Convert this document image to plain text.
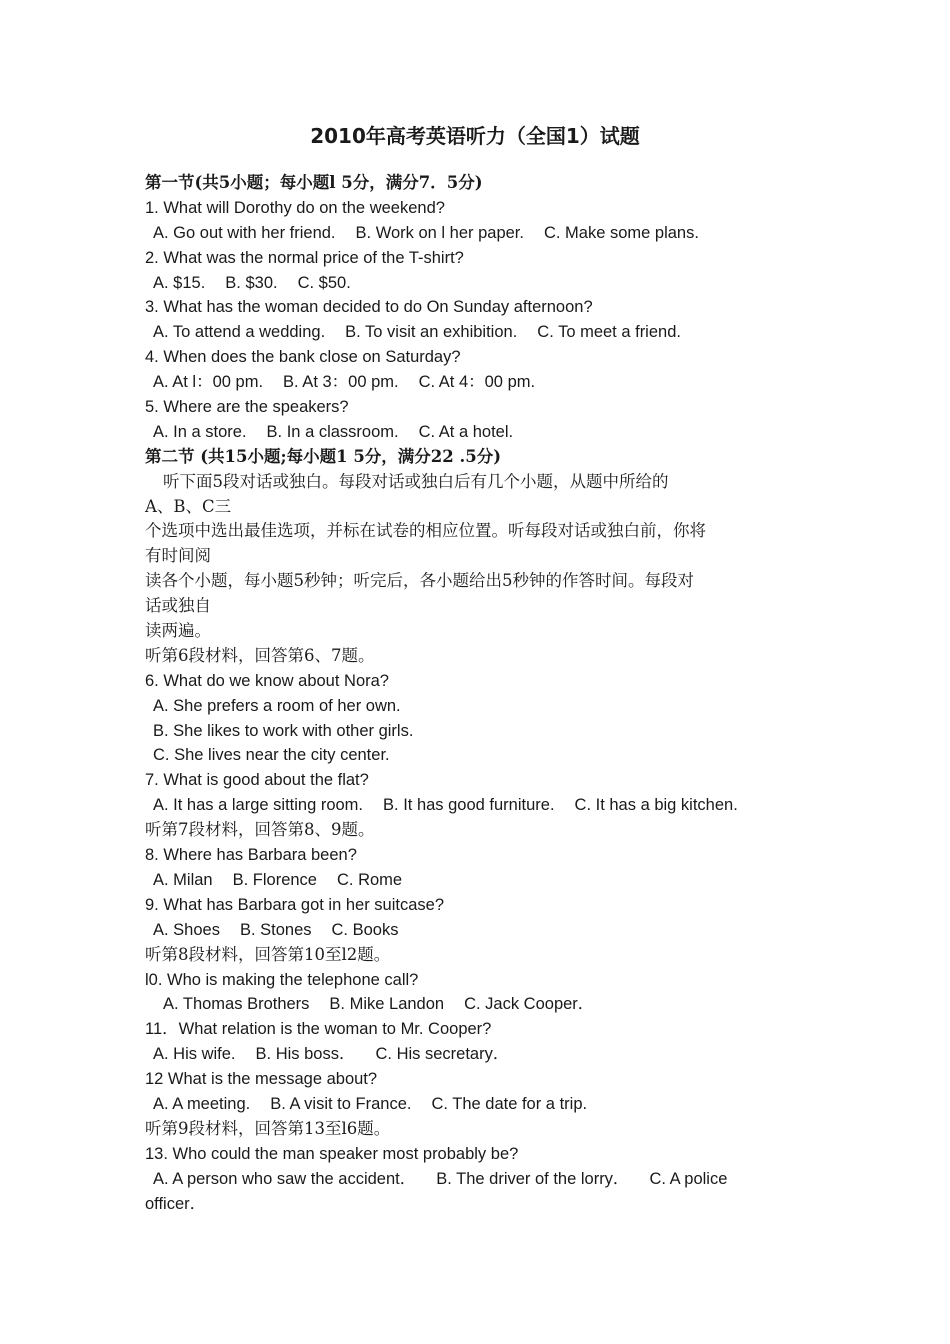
2010年高考英语听力（全国1）试题
第一节(共5小题；每小题l 5分，满分7．5分)
1. What will Dorothy do on the weekend?
A. Go out with her friend. B. Work on l her paper. C. Make some plans.
2. What was the normal price of the T-shirt?
A. $15. B. $30. C. $50.
3. What has the woman decided to do On Sunday afternoon?
A. To attend a wedding. B. To visit an exhibition. C. To meet a friend.
4. When does the bank close on Saturday?
A. At l：00 pm. B. At 3：00 pm. C. At 4：00 pm.
5. Where are the speakers?
A. In a store. B. In a classroom. C. At a hotel.
第二节 (共15小题;每小题1 5分，满分22 .5分)
听下面5段对话或独白。每段对话或独白后有几个小题，从题中所给的
A、B、C三
个选项中选出最佳选项，并标在试卷的相应位置。听每段对话或独白前，你将
有时间阅
读各个小题，每小题5秒钟；听完后，各小题给出5秒钟的作答时间。每段对
话或独自
读两遍。
听第6段材料，回答第6、7题。
6. What do we know about Nora?
A. She prefers a room of her own.
B. She likes to work with other girls.
C. She lives near the city center.
7. What is good about the flat?
A. It has a large sitting room. B. It has good furniture. C. It has a big kitchen.
听第7段材料，回答第8、9题。
8. Where has Barbara been?
A. Milan B. Florence C. Rome
9. What has Barbara got in her suitcase?
A. Shoes B. Stones C. Books
听第8段材料，回答第10至l2题。
l0. Who is making the telephone call?
A. Thomas Brothers B. Mike Landon C. Jack Cooper．
11．What relation is the woman to Mr. Cooper?
A. His wife. B. His boss． C. His secretary．
12 What is the message about?
A. A meeting. B. A visit to France. C. The date for a trip.
听第9段材料，回答第13至l6题。
13. Who could the man speaker most probably be?
A. A person who saw the accident． B. The driver of the lorry． C. A police
officer．
